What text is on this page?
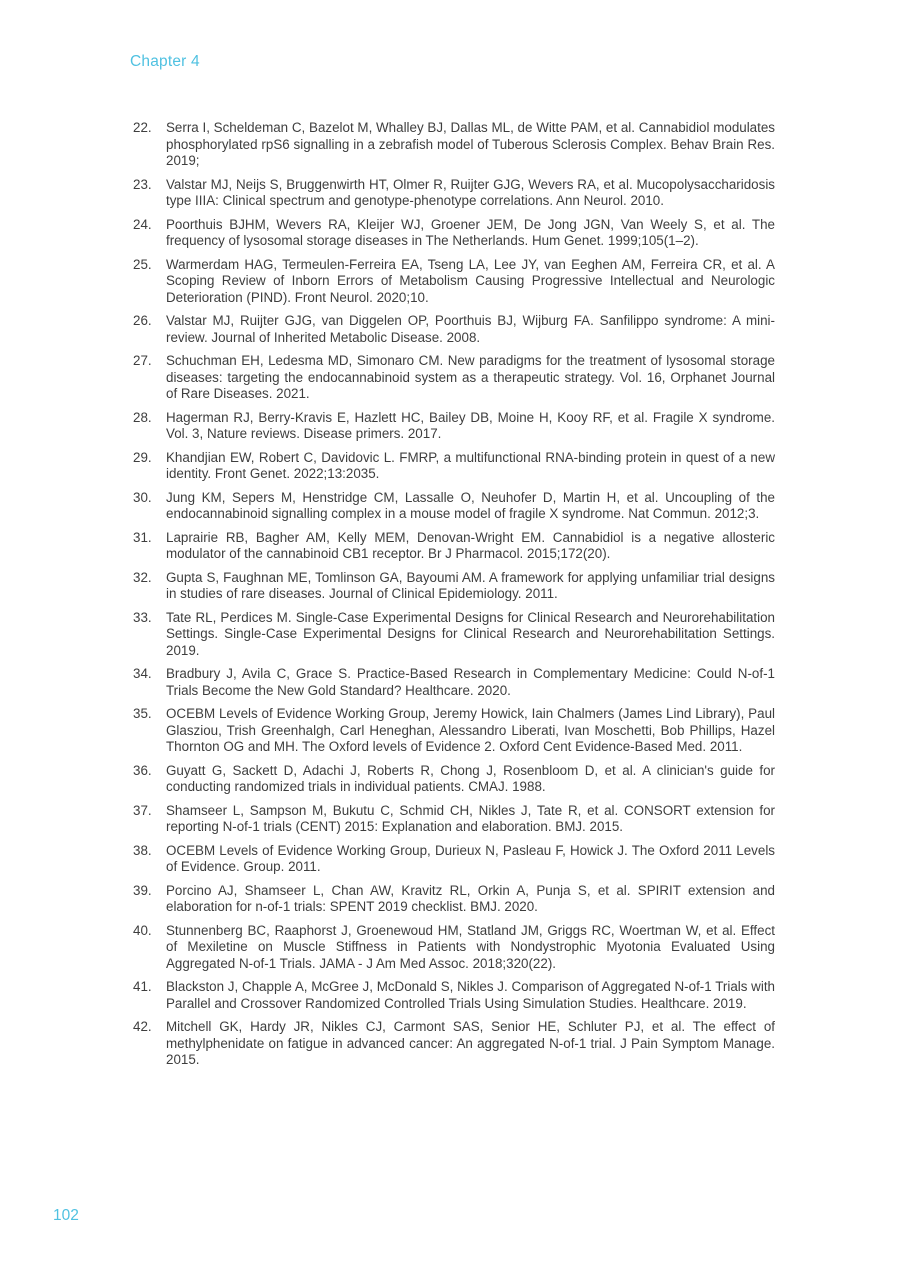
Chapter 4
22.	Serra I, Scheldeman C, Bazelot M, Whalley BJ, Dallas ML, de Witte PAM, et al. Cannabidiol modulates phosphorylated rpS6 signalling in a zebrafish model of Tuberous Sclerosis Complex. Behav Brain Res. 2019;
23.	Valstar MJ, Neijs S, Bruggenwirth HT, Olmer R, Ruijter GJG, Wevers RA, et al. Mucopolysaccharidosis type IIIA: Clinical spectrum and genotype-phenotype correlations. Ann Neurol. 2010.
24.	Poorthuis BJHM, Wevers RA, Kleijer WJ, Groener JEM, De Jong JGN, Van Weely S, et al. The frequency of lysosomal storage diseases in The Netherlands. Hum Genet. 1999;105(1–2).
25.	Warmerdam HAG, Termeulen-Ferreira EA, Tseng LA, Lee JY, van Eeghen AM, Ferreira CR, et al. A Scoping Review of Inborn Errors of Metabolism Causing Progressive Intellectual and Neurologic Deterioration (PIND). Front Neurol. 2020;10.
26.	Valstar MJ, Ruijter GJG, van Diggelen OP, Poorthuis BJ, Wijburg FA. Sanfilippo syndrome: A mini-review. Journal of Inherited Metabolic Disease. 2008.
27.	Schuchman EH, Ledesma MD, Simonaro CM. New paradigms for the treatment of lysosomal storage diseases: targeting the endocannabinoid system as a therapeutic strategy. Vol. 16, Orphanet Journal of Rare Diseases. 2021.
28.	Hagerman RJ, Berry-Kravis E, Hazlett HC, Bailey DB, Moine H, Kooy RF, et al. Fragile X syndrome. Vol. 3, Nature reviews. Disease primers. 2017.
29.	Khandjian EW, Robert C, Davidovic L. FMRP, a multifunctional RNA-binding protein in quest of a new identity. Front Genet. 2022;13:2035.
30.	Jung KM, Sepers M, Henstridge CM, Lassalle O, Neuhofer D, Martin H, et al. Uncoupling of the endocannabinoid signalling complex in a mouse model of fragile X syndrome. Nat Commun. 2012;3.
31.	Laprairie RB, Bagher AM, Kelly MEM, Denovan-Wright EM. Cannabidiol is a negative allosteric modulator of the cannabinoid CB1 receptor. Br J Pharmacol. 2015;172(20).
32.	Gupta S, Faughnan ME, Tomlinson GA, Bayoumi AM. A framework for applying unfamiliar trial designs in studies of rare diseases. Journal of Clinical Epidemiology. 2011.
33.	Tate RL, Perdices M. Single-Case Experimental Designs for Clinical Research and Neurorehabilitation Settings. Single-Case Experimental Designs for Clinical Research and Neurorehabilitation Settings. 2019.
34.	Bradbury J, Avila C, Grace S. Practice-Based Research in Complementary Medicine: Could N-of-1 Trials Become the New Gold Standard? Healthcare. 2020.
35.	OCEBM Levels of Evidence Working Group, Jeremy Howick, Iain Chalmers (James Lind Library), Paul Glasziou, Trish Greenhalgh, Carl Heneghan, Alessandro Liberati, Ivan Moschetti, Bob Phillips, Hazel Thornton OG and MH. The Oxford levels of Evidence 2. Oxford Cent Evidence-Based Med. 2011.
36.	Guyatt G, Sackett D, Adachi J, Roberts R, Chong J, Rosenbloom D, et al. A clinician's guide for conducting randomized trials in individual patients. CMAJ. 1988.
37.	Shamseer L, Sampson M, Bukutu C, Schmid CH, Nikles J, Tate R, et al. CONSORT extension for reporting N-of-1 trials (CENT) 2015: Explanation and elaboration. BMJ. 2015.
38.	OCEBM Levels of Evidence Working Group, Durieux N, Pasleau F, Howick J. The Oxford 2011 Levels of Evidence. Group. 2011.
39.	Porcino AJ, Shamseer L, Chan AW, Kravitz RL, Orkin A, Punja S, et al. SPIRIT extension and elaboration for n-of-1 trials: SPENT 2019 checklist. BMJ. 2020.
40.	Stunnenberg BC, Raaphorst J, Groenewoud HM, Statland JM, Griggs RC, Woertman W, et al. Effect of Mexiletine on Muscle Stiffness in Patients with Nondystrophic Myotonia Evaluated Using Aggregated N-of-1 Trials. JAMA - J Am Med Assoc. 2018;320(22).
41.	Blackston J, Chapple A, McGree J, McDonald S, Nikles J. Comparison of Aggregated N-of-1 Trials with Parallel and Crossover Randomized Controlled Trials Using Simulation Studies. Healthcare. 2019.
42.	Mitchell GK, Hardy JR, Nikles CJ, Carmont SAS, Senior HE, Schluter PJ, et al. The effect of methylphenidate on fatigue in advanced cancer: An aggregated N-of-1 trial. J Pain Symptom Manage. 2015.
102
